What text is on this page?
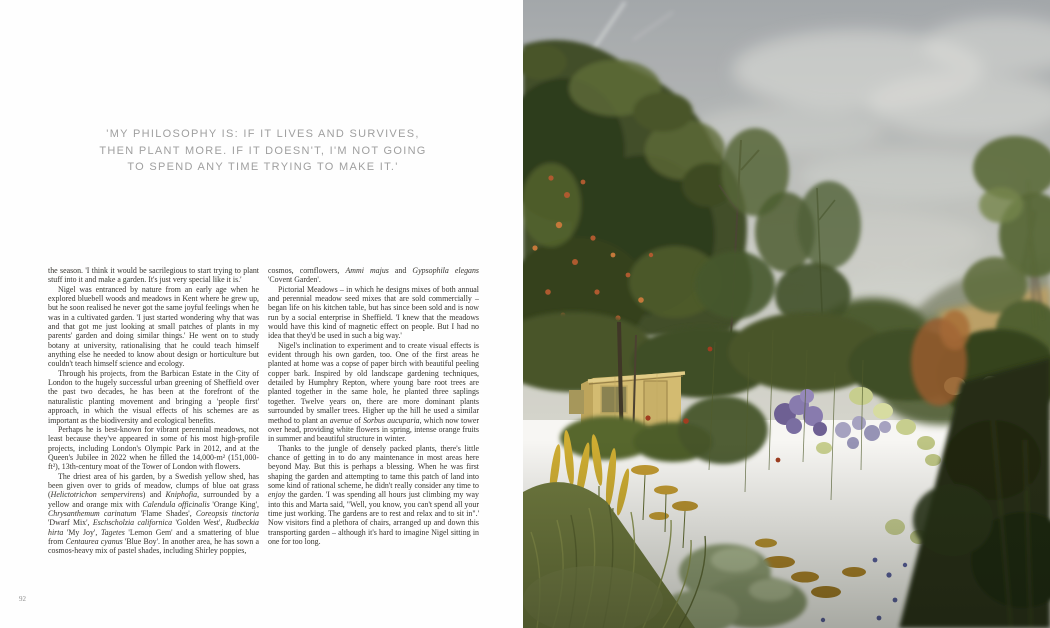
'MY PHILOSOPHY IS: IF IT LIVES AND SURVIVES,
THEN PLANT MORE. IF IT DOESN'T, I'M NOT GOING
TO SPEND ANY TIME TRYING TO MAKE IT.'

the season. 'I think it would be sacrilegious to start trying to plant stuff into it and make a garden. It's just very special like it is.'

Nigel was entranced by nature from an early age when he explored bluebell woods and meadows in Kent where he grew up, but he soon realised he never got the same joyful feelings when he was in a cultivated garden. 'I just started wondering why that was and that got me just looking at small patches of plants in my parents' garden and doing similar things.' He went on to study botany at university, rationalising that he could teach himself anything else he needed to know about design or horticulture but couldn't teach himself science and ecology.

Through his projects, from the Barbican Estate in the City of London to the hugely successful urban greening of Sheffield over the past two decades, he has been at the forefront of the naturalistic planting movement and bringing a 'people first' approach, in which the visual effects of his schemes are as important as the biodiversity and ecological benefits.

Perhaps he is best-known for vibrant perennial meadows, not least because they've appeared in some of his most high-profile projects, including London's Olympic Park in 2012, and at the Queen's Jubilee in 2022 when he filled the 14,000-m² (151,000-ft²), 13th-century moat of the Tower of London with flowers.

The driest area of his garden, by a Swedish yellow shed, has been given over to grids of meadow, clumps of blue oat grass (Helictotrichon sempervirens) and Kniphofia, surrounded by a yellow and orange mix with Calendula officinalis 'Orange King', Chrysanthemum carinatum 'Flame Shades', Coreopsis tinctoria 'Dwarf Mix', Eschscholzia californica 'Golden West', Rudbeckia hirta 'My Joy', Tagetes 'Lemon Gem' and a smattering of blue from Centaurea cyanus 'Blue Boy'. In another area, he has sown a cosmos-heavy mix of pastel shades, including Shirley poppies,

cosmos, cornflowers, Ammi majus and Gypsophila elegans 'Covent Garden'.

Pictorial Meadows – in which he designs mixes of both annual and perennial meadow seed mixes that are sold commercially – began life on his kitchen table, but has since been sold and is now run by a social enterprise in Sheffield. 'I knew that the meadows would have this kind of magnetic effect on people. But I had no idea that they'd be used in such a big way.'

Nigel's inclination to experiment and to create visual effects is evident through his own garden, too. One of the first areas he planted at home was a copse of paper birch with beautiful peeling copper bark. Inspired by old landscape gardening techniques, detailed by Humphry Repton, where young bare root trees are planted together in the same hole, he planted three saplings together. Twelve years on, there are more dominant plants surrounded by smaller trees. Higher up the hill he used a similar method to plant an avenue of Sorbus aucuparia, which now tower over head, providing white flowers in spring, intense orange fruits in summer and beautiful structure in winter.

Thanks to the jungle of densely packed plants, there's little chance of getting in to do any maintenance in most areas here beyond May. But this is perhaps a blessing. When he was first shaping the garden and attempting to tame this patch of land into some kind of rational scheme, he didn't really consider any time to enjoy the garden. 'I was spending all hours just climbing my way into this and Marta said, "Well, you know, you can't spend all your time just working. The gardens are to rest and relax and to sit in".' Now visitors find a plethora of chairs, arranged up and down this transporting garden – although it's hard to imagine Nigel sitting in one for too long.

92
